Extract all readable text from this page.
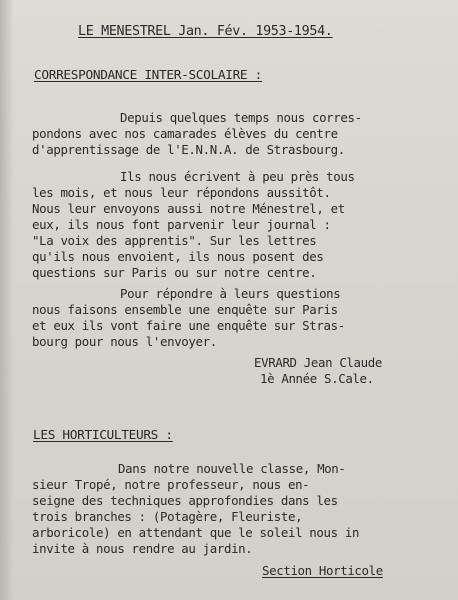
LE MENESTREL Jan. Fév. 1953-1954.
CORRESPONDANCE INTER-SCOLAIRE :
Depuis quelques temps nous corres-
pondons avec nos camarades élèves du centre
d'apprentissage de l'E.N.N.A. de Strasbourg.
Ils nous écrivent à peu près tous
les mois, et nous leur répondons aussitôt.
Nous leur envoyons aussi notre Ménestrel, et
eux, ils nous font parvenir leur journal :
"La voix des apprentis". Sur les lettres
qu'ils nous envoient, ils nous posent des
questions sur Paris ou sur notre centre.
Pour répondre à leurs questions
nous faisons ensemble une enquête sur Paris
et eux ils vont faire une enquête sur Stras-
bourg pour nous l'envoyer.
EVRARD Jean Claude
1è Année S.Cale.
LES HORTICULTEURS :
Dans notre nouvelle classe, Mon-
sieur Tropé, notre professeur, nous en-
seigne des techniques approfondies dans les
trois branches : (Potagère, Fleuriste,
arboricole) en attendant que le soleil nous in
invite à nous rendre au jardin.
Section Horticole
